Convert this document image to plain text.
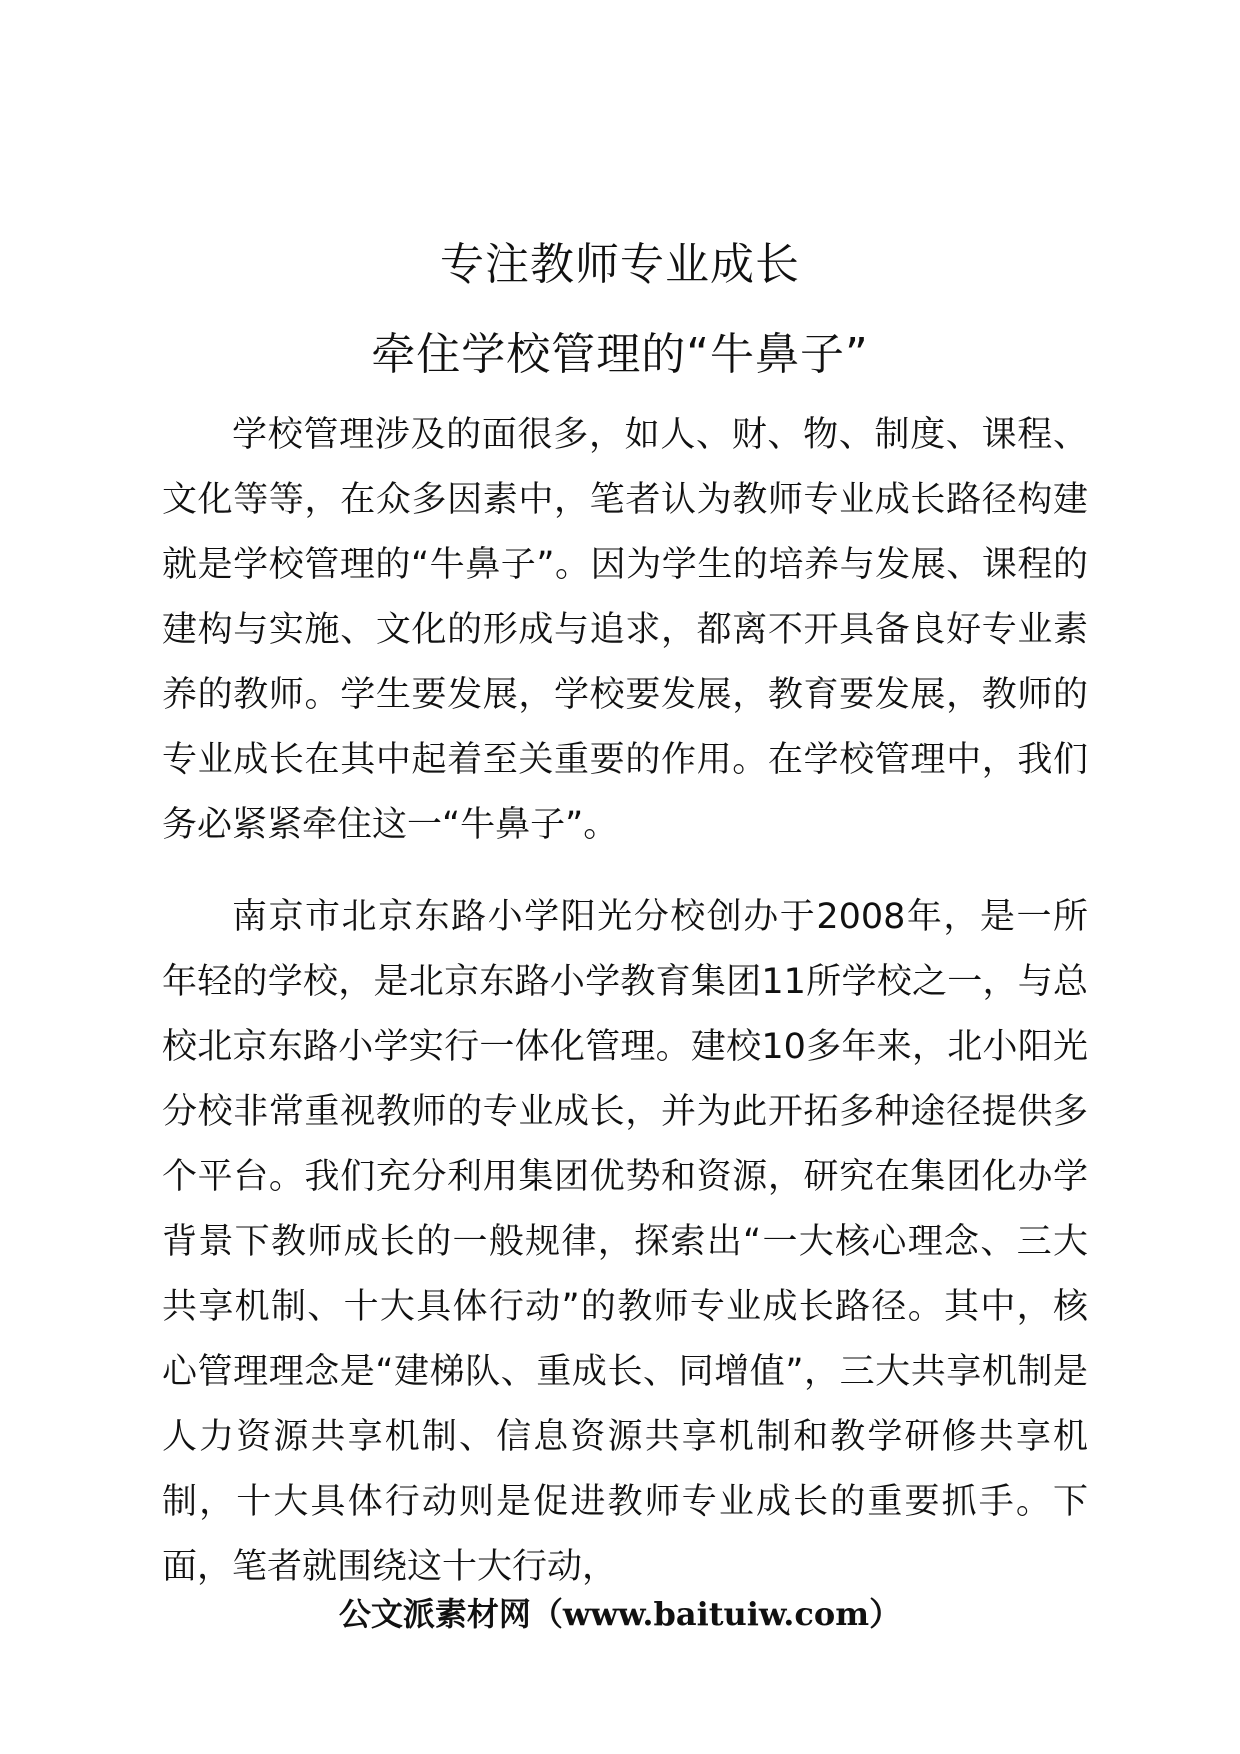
专注教师专业成长
牵住学校管理的“牛鼻子”

学校管理涉及的面很多，如人、财、物、制度、课程、文化等等，在众多因素中，笔者认为教师专业成长路径构建就是学校管理的“牛鼻子”。因为学生的培养与发展、课程的建构与实施、文化的形成与追求，都离不开具备良好专业素养的教师。学生要发展，学校要发展，教育要发展，教师的专业成长在其中起着至关重要的作用。在学校管理中，我们务必紧紧牵住这一“牛鼻子”。

南京市北京东路小学阳光分校创办于2008年，是一所年轻的学校，是北京东路小学教育集团11所学校之一，与总校北京东路小学实行一体化管理。建校10多年来，北小阳光分校非常重视教师的专业成长，并为此开拓多种途径提供多个平台。我们充分利用集团优势和资源，研究在集团化办学背景下教师成长的一般规律，探索出“一大核心理念、三大共享机制、十大具体行动”的教师专业成长路径。其中，核心管理理念是“建梯队、重成长、同增值”，三大共享机制是人力资源共享机制、信息资源共享机制和教学研修共享机制，十大具体行动则是促进教师专业成长的重要抓手。下面，笔者就围绕这十大行动，

公文派素材网（www.baituiw.com）
